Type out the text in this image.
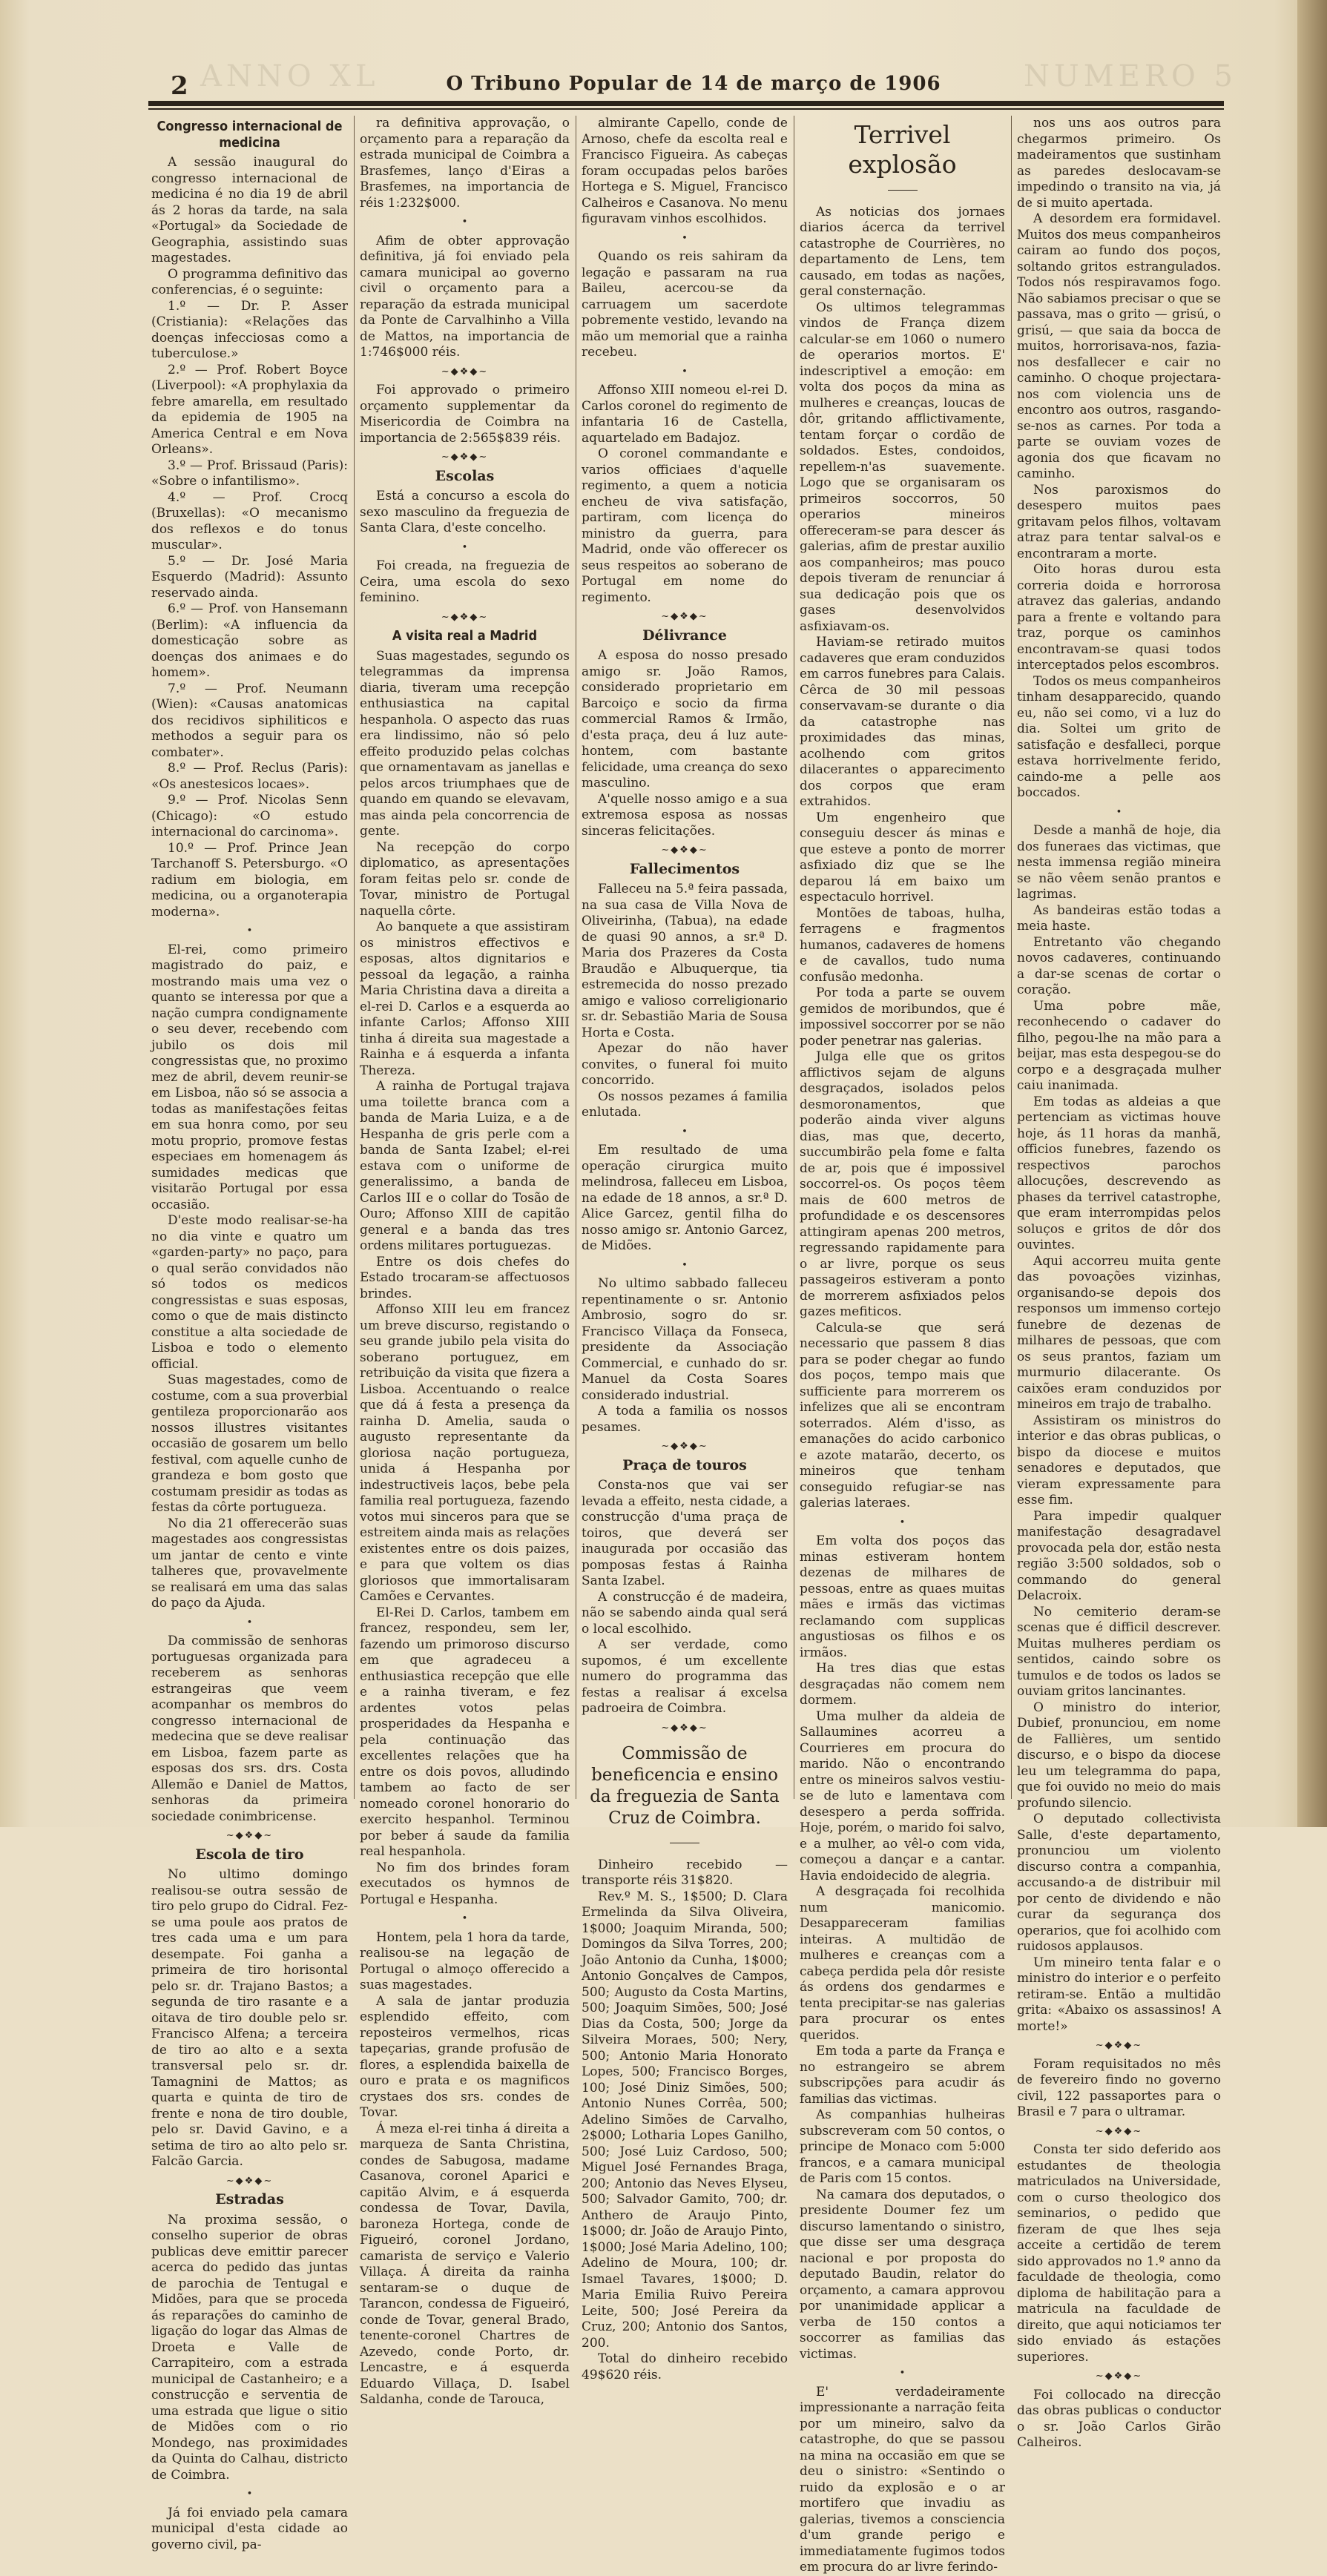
ANNO XL	NUMERO 5
2	O Tribuno Popular de 14 de março de 1906
Congresso internacional de medicina

A sessão inaugural do congresso internacional de medicina é no dia 19 de abril ás 2 horas da tarde, na sala «Portugal» da Sociedade de Geographia, assistindo suas magestades.

O programma definitivo das conferencias, é o seguinte:

1.º — Dr. P. Asser (Cristiania): «Relações das doenças infecciosas como a tuberculose.»

2.º — Prof. Robert Boyce (Liverpool): «A prophylaxia da febre amarella, em resultado da epidemia de 1905 na America Central e em Nova Orleans».

3.º — Prof. Brissaud (Paris): «Sobre o infantilismo».

4.º — Prof. Crocq (Bruxellas): «O mecanismo dos reflexos e do tonus muscular».

5.º — Dr. José Maria Esquerdo (Madrid): Assunto reservado ainda.

6.º — Prof. von Hansemann (Berlim): «A influencia da domesticação sobre as doenças dos animaes e do homem».

7.º — Prof. Neumann (Wien): «Causas anatomicas dos recidivos siphiliticos e methodos a seguir para os combater».

8.º — Prof. Reclus (Paris): «Os anestesicos locaes».

9.º — Prof. Nicolas Senn (Chicago): «O estudo internacional do carcinoma».

10.º — Prof. Prince Jean Tarchanoff S. Petersburgo. «O radium em biologia, em medicina, ou a organoterapia moderna».

•

El-rei, como primeiro magistrado do paiz, e mostrando mais uma vez o quanto se interessa por que a nação cumpra condignamente o seu dever, recebendo com jubilo os dois mil congressistas que, no proximo mez de abril, devem reunir-se em Lisboa, não só se associa a todas as manifestações feitas em sua honra como, por seu motu proprio, promove festas especiaes em homenagem ás sumidades medicas que visitarão Portugal por essa occasião.

D'este modo realisar-se-ha no dia vinte e quatro um «garden-party» no paço, para o qual serão convidados não só todos os medicos congressistas e suas esposas, como o que de mais distincto constitue a alta sociedade de Lisboa e todo o elemento official.

Suas magestades, como de costume, com a sua proverbial gentileza proporcionarão aos nossos illustres visitantes occasião de gosarem um bello festival, com aquelle cunho de grandeza e bom gosto que costumam presidir as todas as festas da côrte portugueza.

No dia 21 offerecerão suas magestades aos congressistas um jantar de cento e vinte talheres que, provavelmente se realisará em uma das salas do paço da Ajuda.

•

Da commissão de senhoras portuguesas organizada para receberem as senhoras estrangeiras que veem acompanhar os membros do congresso internacional de medecina que se deve realisar em Lisboa, fazem parte as esposas dos srs. drs. Costa Allemão e Daniel de Mattos, senhoras da primeira sociedade conimbricense.

~◆❖◆~
Escola de tiro

No ultimo domingo realisou-se outra sessão de tiro pelo grupo do Cidral. Fez-se uma poule aos pratos de tres cada uma e um para desempate. Foi ganha a primeira de tiro horisontal pelo sr. dr. Trajano Bastos; a segunda de tiro rasante e a oitava de tiro double pelo sr. Francisco Alfena; a terceira de tiro ao alto e a sexta transversal pelo sr. dr. Tamagnini de Mattos; as quarta e quinta de tiro de frente e nona de tiro double, pelo sr. David Gavino, e a setima de tiro ao alto pelo sr. Falcão Garcia.

~◆❖◆~
Estradas

Na proxima sessão, o conselho superior de obras publicas deve emittir parecer acerca do pedido das juntas de parochia de Tentugal e Midões, para que se proceda ás reparações do caminho de ligação do logar das Almas de Droeta e Valle de Carrapiteiro, com a estrada municipal de Castanheiro; e a construcção e serventia de uma estrada que ligue o sitio de Midões com o rio Mondego, nas proximidades da Quinta do Calhau, districto de Coimbra.

•

Já foi enviado pela camara municipal d'esta cidade ao governo civil, pa-

ra definitiva approvação, o orçamento para a reparação da estrada municipal de Coimbra a Brasfemes, lanço d'Eiras a Brasfemes, na importancia de réis 1:232$000.

•

Afim de obter approvação definitiva, já foi enviado pela camara municipal ao governo civil o orçamento para a reparação da estrada municipal da Ponte de Carvalhinho a Villa de Mattos, na importancia de 1:746$000 réis.

~◆❖◆~

Foi approvado o primeiro orçamento supplementar da Misericordia de Coimbra na importancia de 2:565$839 réis.

~◆❖◆~
Escolas

Está a concurso a escola do sexo masculino da freguezia de Santa Clara, d'este concelho.

•

Foi creada, na freguezia de Ceira, uma escola do sexo feminino.

~◆❖◆~
A visita real a Madrid

Suas magestades, segundo os telegrammas da imprensa diaria, tiveram uma recepção enthusiastica na capital hespanhola. O aspecto das ruas era lindissimo, não só pelo effeito produzido pelas colchas que ornamentavam as janellas e pelos arcos triumphaes que de quando em quando se elevavam, mas ainda pela concorrencia de gente.

Na recepção do corpo diplomatico, as apresentações foram feitas pelo sr. conde de Tovar, ministro de Portugal naquella côrte.

Ao banquete a que assistiram os ministros effectivos e esposas, altos dignitarios e pessoal da legação, a rainha Maria Christina dava a direita a el-rei D. Carlos e a esquerda ao infante Carlos; Affonso XIII tinha á direita sua magestade a Rainha e á esquerda a infanta Thereza.

A rainha de Portugal trajava uma toilette branca com a banda de Maria Luiza, e a de Hespanha de gris perle com a banda de Santa Izabel; el-rei estava com o uniforme de generalissimo, a banda de Carlos III e o collar do Tosão de Ouro; Affonso XIII de capitão general e a banda das tres ordens militares portuguezas.

Entre os dois chefes do Estado trocaram-se affectuosos brindes.

Affonso XIII leu em francez um breve discurso, registando o seu grande jubilo pela visita do soberano portuguez, em retribuição da visita que fizera a Lisboa. Accentuando o realce que dá á festa a presença da rainha D. Amelia, sauda o augusto representante da gloriosa nação portugueza, unida á Hespanha por indestructiveis laços, bebe pela familia real portugueza, fazendo votos mui sinceros para que se estreitem ainda mais as relações existentes entre os dois paizes, e para que voltem os dias gloriosos que immortalisaram Camões e Cervantes.

El-Rei D. Carlos, tambem em francez, respondeu, sem ler, fazendo um primoroso discurso em que agradeceu a enthusiastica recepção que elle e a rainha tiveram, e fez ardentes votos pelas prosperidades da Hespanha e pela continuação das excellentes relações que ha entre os dois povos, alludindo tambem ao facto de ser nomeado coronel honorario do exercito hespanhol. Terminou por beber á saude da familia real hespanhola.

No fim dos brindes foram executados os hymnos de Portugal e Hespanha.

•

Hontem, pela 1 hora da tarde, realisou-se na legação de Portugal o almoço offerecido a suas magestades.

A sala de jantar produzia esplendido effeito, com reposteiros vermelhos, ricas tapeçarias, grande profusão de flores, a esplendida baixella de ouro e prata e os magnificos crystaes dos srs. condes de Tovar.

Á meza el-rei tinha á direita a marqueza de Santa Christina, condes de Sabugosa, madame Casanova, coronel Aparici e capitão Alvim, e á esquerda condessa de Tovar, Davila, baroneza Hortega, conde de Figueiró, coronel Jordano, camarista de serviço e Valerio Villaça. Á direita da rainha sentaram-se o duque de Tarancon, condessa de Figueiró, conde de Tovar, general Brado, tenente-coronel Chartres de Azevedo, conde Porto, dr. Lencastre, e á esquerda Eduardo Villaça, D. Isabel Saldanha, conde de Tarouca,

almirante Capello, conde de Arnoso, chefe da escolta real e Francisco Figueira. As cabeças foram occupadas pelos barões Hortega e S. Miguel, Francisco Calheiros e Casanova. No menu figuravam vinhos escolhidos.

•

Quando os reis sahiram da legação e passaram na rua Baileu, acercou-se da carruagem um sacerdote pobremente vestido, levando na mão um memorial que a rainha recebeu.

•

Affonso XIII nomeou el-rei D. Carlos coronel do regimento de infantaria 16 de Castella, aquartelado em Badajoz.

O coronel commandante e varios officiaes d'aquelle regimento, a quem a noticia encheu de viva satisfação, partiram, com licença do ministro da guerra, para Madrid, onde vão offerecer os seus respeitos ao soberano de Portugal em nome do regimento.

~◆❖◆~
Délivrance

A esposa do nosso presado amigo sr. João Ramos, considerado proprietario em Barcoiço e socio da firma commercial Ramos & Irmão, d'esta praça, deu á luz aute-hontem, com bastante felicidade, uma creança do sexo masculino.

A'quelle nosso amigo e a sua extremosa esposa as nossas sinceras felicitações.

~◆❖◆~
Fallecimentos

Falleceu na 5.ª feira passada, na sua casa de Villa Nova de Oliveirinha, (Tabua), na edade de quasi 90 annos, a sr.ª D. Maria dos Prazeres da Costa Braudão e Albuquerque, tia estremecida do nosso prezado amigo e valioso correligionario sr. dr. Sebastião Maria de Sousa Horta e Costa.

Apezar do não haver convites, o funeral foi muito concorrido.

Os nossos pezames á familia enlutada.

•

Em resultado de uma operação cirurgica muito melindrosa, falleceu em Lisboa, na edade de 18 annos, a sr.ª D. Alice Garcez, gentil filha do nosso amigo sr. Antonio Garcez, de Midões.

•

No ultimo sabbado falleceu repentinamente o sr. Antonio Ambrosio, sogro do sr. Francisco Villaça da Fonseca, presidente da Associação Commercial, e cunhado do sr. Manuel da Costa Soares considerado industrial.

A toda a familia os nossos pesames.

~◆❖◆~
Praça de touros

Consta-nos que vai ser levada a effeito, nesta cidade, a construcção d'uma praça de toiros, que deverá ser inaugurada por occasião das pomposas festas á Rainha Santa Izabel.

A construcção é de madeira, não se sabendo ainda qual será o local escolhido.

A ser verdade, como supomos, é um excellente numero do programma das festas a realisar á excelsa padroeira de Coimbra.

~◆❖◆~
Commissão de beneficencia e ensino da freguezia de Santa Cruz de Coimbra.

Dinheiro recebido — transporte réis 31$820.

Rev.º M. S., 1$500; D. Clara Ermelinda da Silva Oliveira, 1$000; Joaquim Miranda, 500; Domingos da Silva Torres, 200; João Antonio da Cunha, 1$000; Antonio Gonçalves de Campos, 500; Augusto da Costa Martins, 500; Joaquim Simões, 500; José Dias da Costa, 500; Jorge da Silveira Moraes, 500; Nery, 500; Antonio Maria Honorato Lopes, 500; Francisco Borges, 100; José Diniz Simões, 500; Antonio Nunes Corrêa, 500; Adelino Simões de Carvalho, 2$000; Lotharia Lopes Ganilho, 500; José Luiz Cardoso, 500; Miguel José Fernandes Braga, 200; Antonio das Neves Elyseu, 500; Salvador Gamito, 700; dr. Anthero de Araujo Pinto, 1$000; dr. João de Araujo Pinto, 1$000; José Maria Adelino, 100; Adelino de Moura, 100; dr. Ismael Tavares, 1$000; D. Maria Emilia Ruivo Pereira Leite, 500; José Pereira da Cruz, 200; Antonio dos Santos, 200.

Total do dinheiro recebido 49$620 réis.

Terrivel explosão

As noticias dos jornaes diarios ácerca da terrivel catastrophe de Courrières, no departamento de Lens, tem causado, em todas as nações, geral consternação.

Os ultimos telegrammas vindos de França dizem calcular-se em 1060 o numero de operarios mortos. E' indescriptivel a emoção: em volta dos poços da mina as mulheres e creanças, loucas de dôr, gritando afflictivamente, tentam forçar o cordão de soldados. Estes, condoidos, repellem-n'as suavemente. Logo que se organisaram os primeiros soccorros, 50 operarios mineiros offereceram-se para descer ás galerias, afim de prestar auxilio aos companheiros; mas pouco depois tiveram de renunciar á sua dedicação pois que os gases desenvolvidos asfixiavam-os.

Haviam-se retirado muitos cadaveres que eram conduzidos em carros funebres para Calais. Cêrca de 30 mil pessoas conservavam-se durante o dia da catastrophe nas proximidades das minas, acolhendo com gritos dilacerantes o apparecimento dos corpos que eram extrahidos.

Um engenheiro que conseguiu descer ás minas e que esteve a ponto de morrer asfixiado diz que se lhe deparou lá em baixo um espectaculo horrivel.

Montões de taboas, hulha, ferragens e fragmentos humanos, cadaveres de homens e de cavallos, tudo numa confusão medonha.

Por toda a parte se ouvem gemidos de moribundos, que é impossivel soccorrer por se não poder penetrar nas galerias.

Julga elle que os gritos afflictivos sejam de alguns desgraçados, isolados pelos desmoronamentos, que poderão ainda viver alguns dias, mas que, decerto, succumbirão pela fome e falta de ar, pois que é impossivel soccorrel-os. Os poços têem mais de 600 metros de profundidade e os descensores attingiram apenas 200 metros, regressando rapidamente para o ar livre, porque os seus passageiros estiveram a ponto de morrerem asfixiados pelos gazes mefiticos.

Calcula-se que será necessario que passem 8 dias para se poder chegar ao fundo dos poços, tempo mais que sufficiente para morrerem os infelizes que ali se encontram soterrados. Além d'isso, as emanações do acido carbonico e azote matarão, decerto, os mineiros que tenham conseguido refugiar-se nas galerias lateraes.

•

Em volta dos poços das minas estiveram hontem dezenas de milhares de pessoas, entre as quaes muitas mães e irmãs das victimas reclamando com supplicas angustiosas os filhos e os irmãos.

Ha tres dias que estas desgraçadas não comem nem dormem.

Uma mulher da aldeia de Sallaumines acorreu a Courrieres em procura do marido. Não o encontrando entre os mineiros salvos vestiu-se de luto e lamentava com desespero a perda soffrida. Hoje, porém, o marido foi salvo, e a mulher, ao vêl-o com vida, começou a dançar e a cantar. Havia endoidecido de alegria.

A desgraçada foi recolhida num manicomio. Desappareceram familias inteiras. A multidão de mulheres e creanças com a cabeça perdida pela dôr resiste ás ordens dos gendarmes e tenta precipitar-se nas galerias para procurar os entes queridos.

Em toda a parte da França e no estrangeiro se abrem subscripções para acudir ás familias das victimas.

As companhias hulheiras subscreveram com 50 contos, o principe de Monaco com 5:000 francos, e a camara municipal de Paris com 15 contos.

Na camara dos deputados, o presidente Doumer fez um discurso lamentando o sinistro, que disse ser uma desgraça nacional e por proposta do deputado Baudin, relator do orçamento, a camara approvou por unanimidade applicar a verba de 150 contos a soccorrer as familias das victimas.

•

E' verdadeiramente impressionante a narração feita por um mineiro, salvo da catastrophe, do que se passou na mina na occasião em que se deu o sinistro: «Sentindo o ruido da explosão e o ar mortifero que invadiu as galerias, tivemos a consciencia d'um grande perigo e immediatamente fugimos todos em procura do ar livre ferindo-

nos uns aos outros para chegarmos primeiro. Os madeiramentos que sustinham as paredes deslocavam-se impedindo o transito na via, já de si muito apertada.

A desordem era formidavel. Muitos dos meus companheiros cairam ao fundo dos poços, soltando gritos estrangulados. Todos nós respiravamos fogo. Não sabiamos precisar o que se passava, mas o grito — grisú, o grisú, — que saia da bocca de muitos, horrorisava-nos, fazia-nos desfallecer e cair no caminho. O choque projectara-nos com violencia uns de encontro aos outros, rasgando-se-nos as carnes. Por toda a parte se ouviam vozes de agonia dos que ficavam no caminho.

Nos paroxismos do desespero muitos paes gritavam pelos filhos, voltavam atraz para tentar salval-os e encontraram a morte.

Oito horas durou esta correria doida e horrorosa atravez das galerias, andando para a frente e voltando para traz, porque os caminhos encontravam-se quasi todos interceptados pelos escombros.

Todos os meus companheiros tinham desapparecido, quando eu, não sei como, vi a luz do dia. Soltei um grito de satisfação e desfalleci, porque estava horrivelmente ferido, caindo-me a pelle aos boccados.

•

Desde a manhã de hoje, dia dos funeraes das victimas, que nesta immensa região mineira se não vêem senão prantos e lagrimas.

As bandeiras estão todas a meia haste.

Entretanto vão chegando novos cadaveres, continuando a dar-se scenas de cortar o coração.

Uma pobre mãe, reconhecendo o cadaver do filho, pegou-lhe na mão para a beijar, mas esta despegou-se do corpo e a desgraçada mulher caiu inanimada.

Em todas as aldeias a que pertenciam as victimas houve hoje, ás 11 horas da manhã, officios funebres, fazendo os respectivos parochos allocuções, descrevendo as phases da terrivel catastrophe, que eram interrompidas pelos soluços e gritos de dôr dos ouvintes.

Aqui accorreu muita gente das povoações vizinhas, organisando-se depois dos responsos um immenso cortejo funebre de dezenas de milhares de pessoas, que com os seus prantos, faziam um murmurio dilacerante. Os caixões eram conduzidos por mineiros em trajo de trabalho.

Assistiram os ministros do interior e das obras publicas, o bispo da diocese e muitos senadores e deputados, que vieram expressamente para esse fim.

Para impedir qualquer manifestação desagradavel provocada pela dor, estão nesta região 3:500 soldados, sob o commando do general Delacroix.

No cemiterio deram-se scenas que é difficil descrever. Muitas mulheres perdiam os sentidos, caindo sobre os tumulos e de todos os lados se ouviam gritos lancinantes.

O ministro do interior, Dubief, pronunciou, em nome de Fallières, um sentido discurso, e o bispo da diocese leu um telegramma do papa, que foi ouvido no meio do mais profundo silencio.

O deputado collectivista Salle, d'este departamento, pronunciou um violento discurso contra a companhia, accusando-a de distribuir mil por cento de dividendo e não curar da segurança dos operarios, que foi acolhido com ruidosos applausos.

Um mineiro tenta falar e o ministro do interior e o perfeito retiram-se. Então a multidão grita: «Abaixo os assassinos! A morte!»

~◆❖◆~

Foram requisitados no mês de fevereiro findo no governo civil, 122 passaportes para o Brasil e 7 para o ultramar.

~◆❖◆~

Consta ter sido deferido aos estudantes de theologia matriculados na Universidade, com o curso theologico dos seminarios, o pedido que fizeram de que lhes seja acceite a certidão de terem sido approvados no 1.º anno da faculdade de theologia, como diploma de habilitação para a matricula na faculdade de direito, que aqui noticiamos ter sido enviado ás estações superiores.

~◆❖◆~

Foi collocado na direcção das obras publicas o conductor o sr. João Carlos Girão Calheiros.
